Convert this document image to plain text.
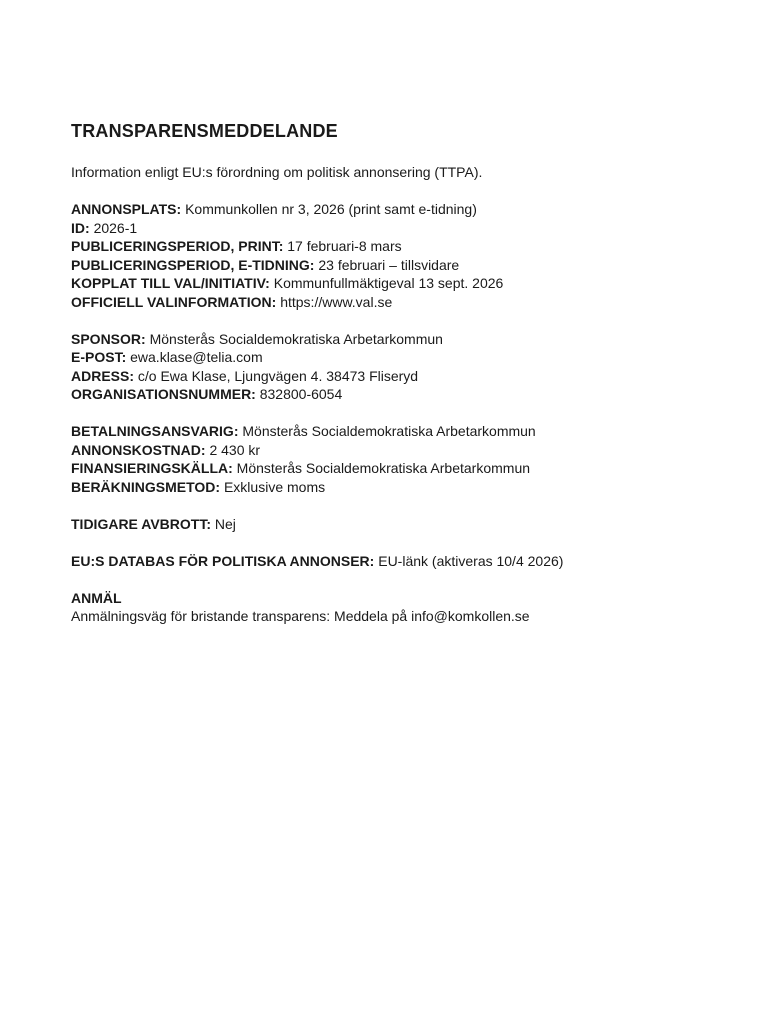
TRANSPARENSMEDDELANDE
Information enligt EU:s förordning om politisk annonsering (TTPA).
ANNONSPLATS: Kommunkollen nr 3, 2026 (print samt e-tidning)
ID: 2026-1
PUBLICERINGSPERIOD, PRINT: 17 februari-8 mars
PUBLICERINGSPERIOD, E-TIDNING: 23 februari – tillsvidare
KOPPLAT TILL VAL/INITIATIV: Kommunfullmäktigeval 13 sept. 2026
OFFICIELL VALINFORMATION: https://www.val.se
SPONSOR: Mönsterås Socialdemokratiska Arbetarkommun
E-POST: ewa.klase@telia.com
ADRESS: c/o Ewa Klase, Ljungvägen 4. 38473 Fliseryd
ORGANISATIONSNUMMER: 832800-6054
BETALNINGSANSVARIG: Mönsterås Socialdemokratiska Arbetarkommun
ANNONSKOSTNAD: 2 430 kr
FINANSIERINGSKÄLLA: Mönsterås Socialdemokratiska Arbetarkommun
BERÄKNINGSMETOD: Exklusive moms
TIDIGARE AVBROTT: Nej
EU:S DATABAS FÖR POLITISKA ANNONSER: EU-länk (aktiveras 10/4 2026)
ANMÄL
Anmälningsväg för bristande transparens: Meddela på info@komkollen.se
